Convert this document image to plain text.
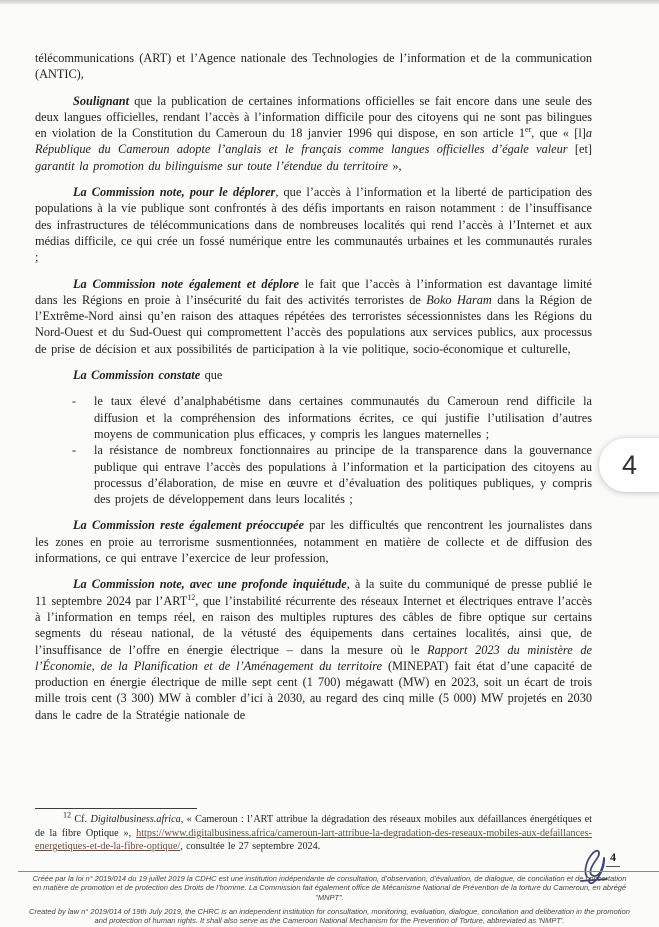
télécommunications (ART) et l’Agence nationale des Technologies de l’information et de la communication (ANTIC),

Soulignant que la publication de certaines informations officielles se fait encore dans une seule des deux langues officielles, rendant l’accès à l’information difficile pour des citoyens qui ne sont pas bilingues en violation de la Constitution du Cameroun du 18 janvier 1996 qui dispose, en son article 1er, que « [l]a République du Cameroun adopte l’anglais et le français comme langues officielles d’égale valeur [et] garantit la promotion du bilinguisme sur toute l’étendue du territoire »,

La Commission note, pour le déplorer, que l’accès à l’information et la liberté de participation des populations à la vie publique sont confrontés à des défis importants en raison notamment : de l’insuffisance des infrastructures de télécommunications dans de nombreuses localités qui rend l’accès à l’Internet et aux médias difficile, ce qui crée un fossé numérique entre les communautés urbaines et les communautés rurales ;

La Commission note également et déplore le fait que l’accès à l’information est davantage limité dans les Régions en proie à l’insécurité du fait des activités terroristes de Boko Haram dans la Région de l’Extrême-Nord ainsi qu’en raison des attaques répétées des terroristes sécessionnistes dans les Régions du Nord-Ouest et du Sud-Ouest qui compromettent l’accès des populations aux services publics, aux processus de prise de décision et aux possibilités de participation à la vie politique, socio-économique et culturelle,

La Commission constate que

-	le taux élevé d’analphabétisme dans certaines communautés du Cameroun rend difficile la diffusion et la compréhension des informations écrites, ce qui justifie l’utilisation d’autres moyens de communication plus efficaces, y compris les langues maternelles ;
-	la résistance de nombreux fonctionnaires au principe de la transparence dans la gouvernance publique qui entrave l’accès des populations à l’information et la participation des citoyens au processus d’élaboration, de mise en œuvre et d’évaluation des politiques publiques, y compris des projets de développement dans leurs localités ;

La Commission reste également préoccupée par les difficultés que rencontrent les journalistes dans les zones en proie au terrorisme susmentionnées, notamment en matière de collecte et de diffusion des informations, ce qui entrave l’exercice de leur profession,

La Commission note, avec une profonde inquiétude, à la suite du communiqué de presse publié le 11 septembre 2024 par l’ART$^{12}$, que l’instabilité récurrente des réseaux Internet et électriques entrave l’accès à l’information en temps réel, en raison des multiples ruptures des câbles de fibre optique sur certains segments du réseau national, de la vétusté des équipements dans certaines localités, ainsi que, de l’insuffisance de l’offre en énergie électrique – dans la mesure où le Rapport 2023 du ministère de l’Économie, de la Planification et de l’Aménagement du territoire (MINEPAT) fait état d’une capacité de production en énergie électrique de mille sept cent (1 700) mégawatt (MW) en 2023, soit un écart de trois mille trois cent (3 300) MW à combler d’ici à 2030, au regard des cinq mille (5 000) MW projetés en 2030 dans le cadre de la Stratégie nationale de

$^{12}$ Cf. Digitalbusiness.africa, « Cameroun : l’ART attribue la dégradation des réseaux mobiles aux défaillances énergétiques et de la fibre Optique », https://www.digitalbusiness.africa/cameroun-lart-attribue-la-degradation-des-reseaux-mobiles-aux-defaillances-energetiques-et-de-la-fibre-optique/, consultée le 27 septembre 2024.
4
4
Créée par la loi n° 2019/014 du 19 juillet 2019 la CDHC est une institution indépendante de consultation, d’observation, d’évaluation, de dialogue, de conciliation et de concertation en matière de promotion et de protection des Droits de l’homme. La Commission fait également office de Mécanisme National de Prévention de la torture du Cameroun, en abrégé "MNPT".
Created by law n° 2019/014 of 19th July 2019, the CHRC is an independent institution for consultation, monitoring, evaluation, dialogue, conciliation and deliberation in the promotion and protection of human rights. It shall also serve as the Cameroon National Mechanism for the Prevention of Torture, abbreviated as 'NMPT'.
